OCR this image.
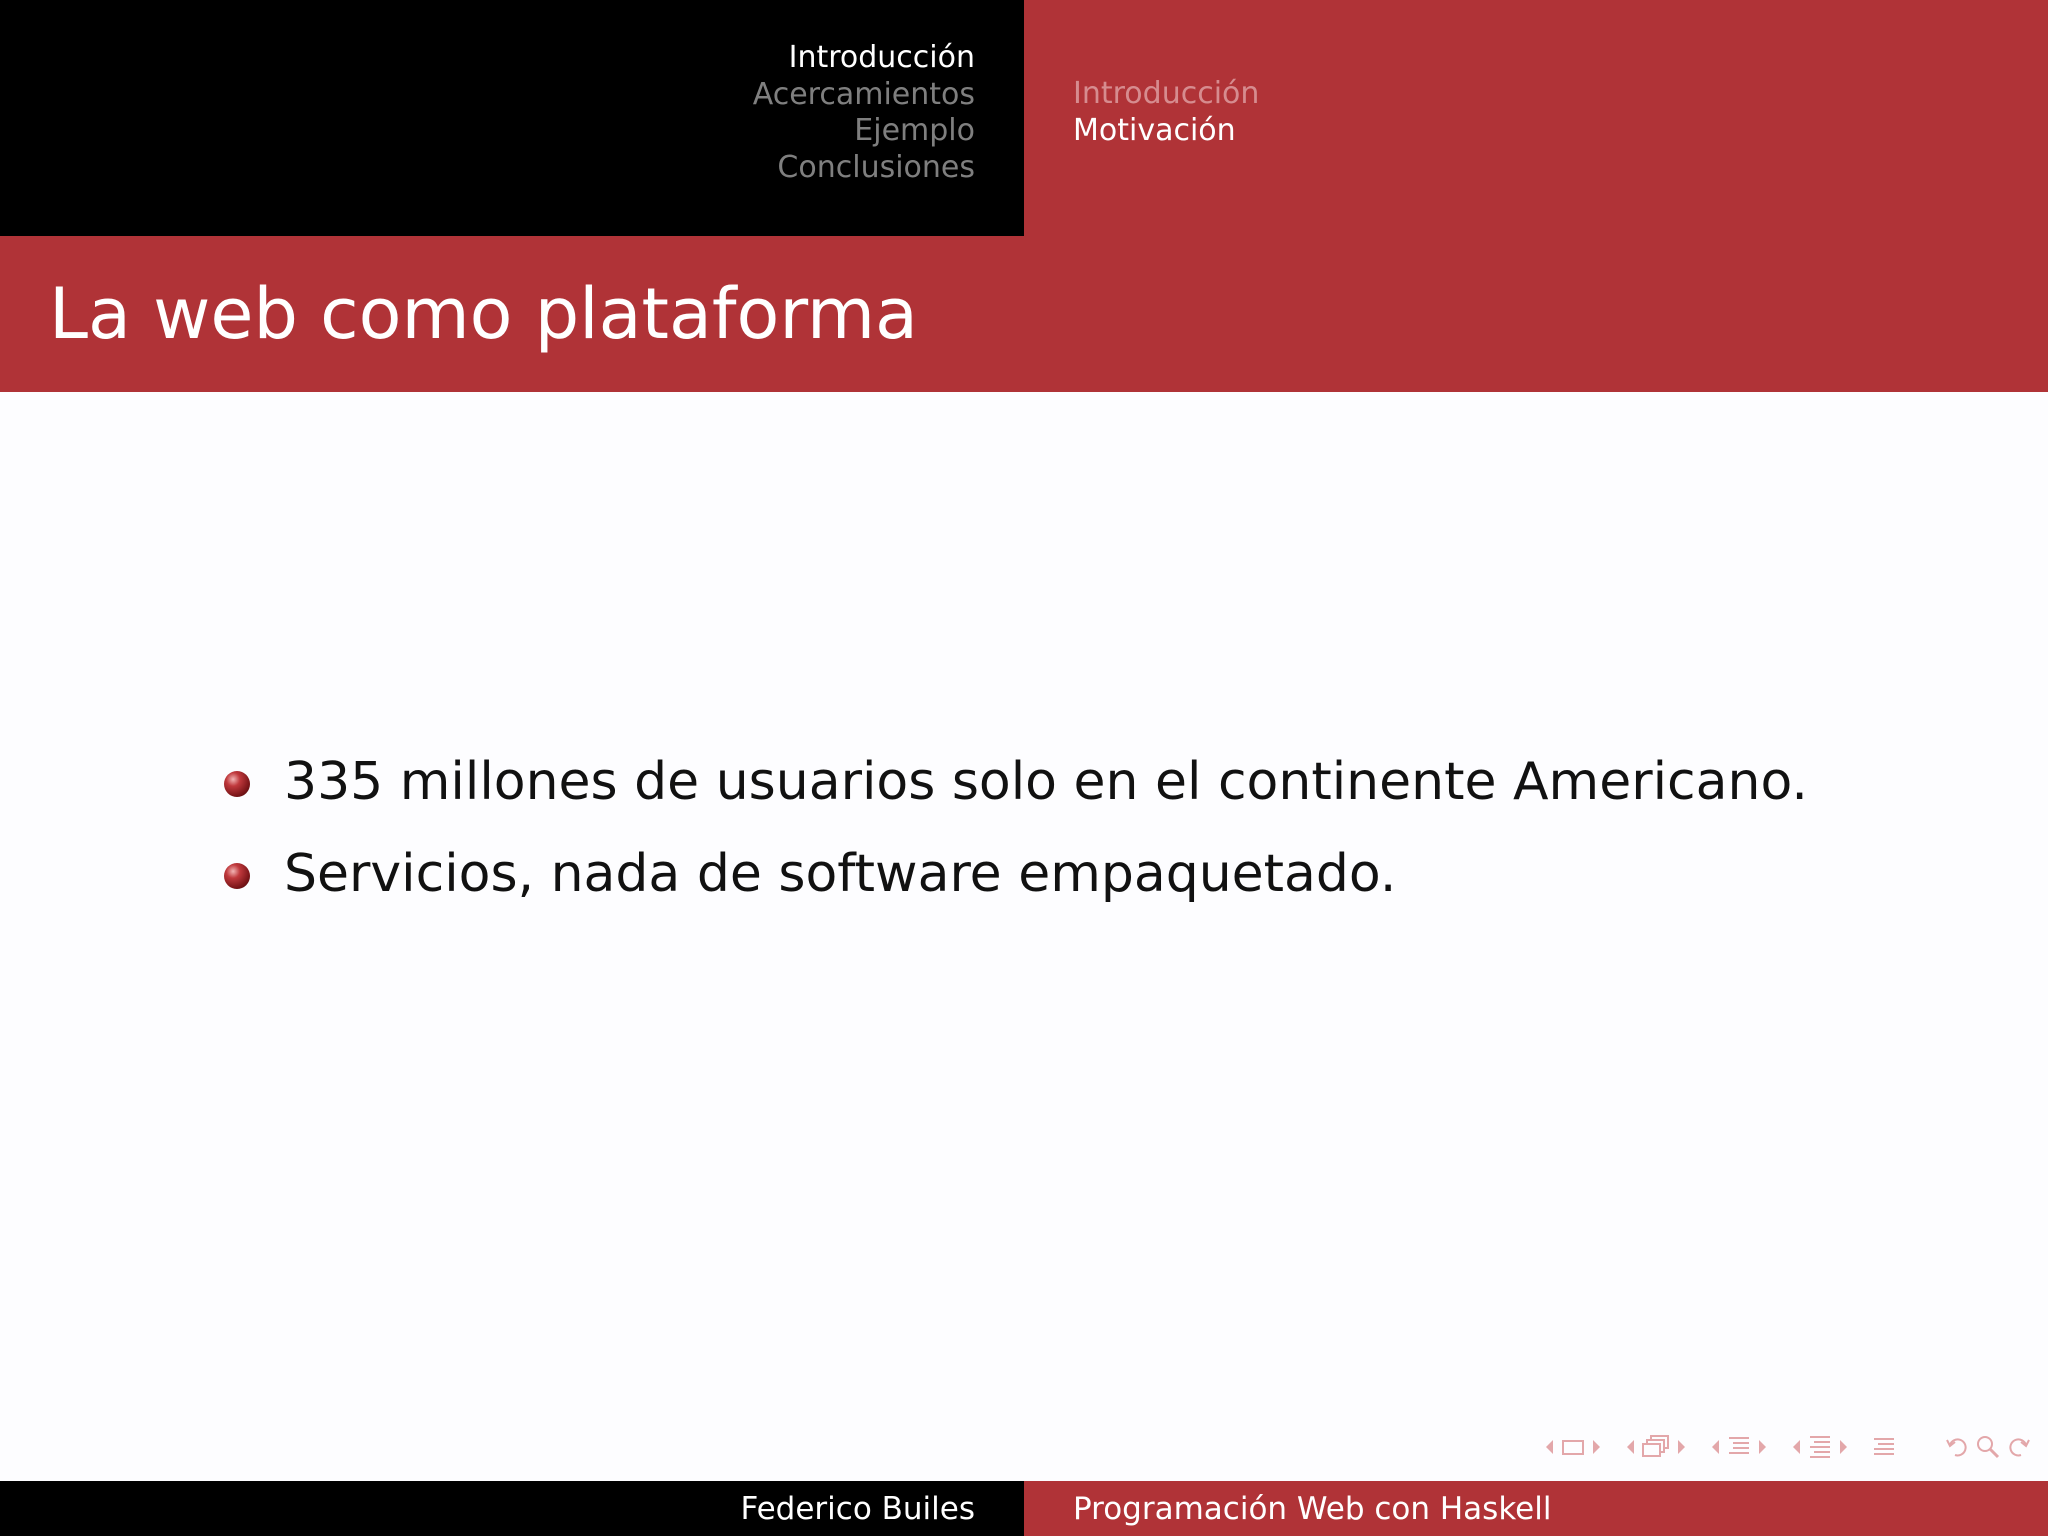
Introducción
Acercamientos
Ejemplo
Conclusiones
Introducción
Motivación
La web como plataforma
335 millones de usuarios solo en el continente Americano.
Servicios, nada de software empaquetado.
Federico Builes	Programación Web con Haskell
